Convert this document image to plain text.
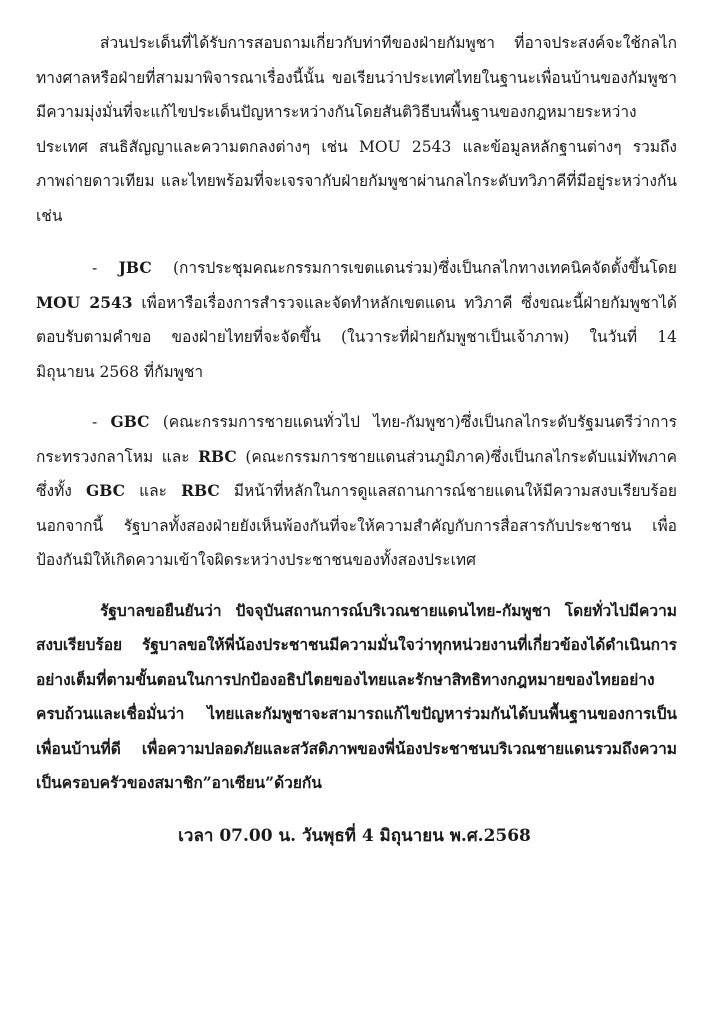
ส่วนประเด็นที่ได้รับการสอบถามเกี่ยวกับท่าทีของฝ่ายกัมพูชา ที่อาจประสงค์จะใช้กลไกทางศาลหรือฝ่ายที่สามมาพิจารณาเรื่องนี้นั้น ขอเรียนว่าประเทศไทยในฐานะเพื่อนบ้านของกัมพูชามีความมุ่งมั่นที่จะแก้ไขประเด็นปัญหาระหว่างกันโดยสันติวิธีบนพื้นฐานของกฎหมายระหว่างประเทศ สนธิสัญญาและความตกลงต่างๆ เช่น MOU 2543 และข้อมูลหลักฐานต่างๆ รวมถึงภาพถ่ายดาวเทียม และไทยพร้อมที่จะเจรจากับฝ่ายกัมพูชาผ่านกลไกระดับทวิภาคีที่มีอยู่ระหว่างกัน เช่น

- JBC (การประชุมคณะกรรมการเขตแดนร่วม)ซึ่งเป็นกลไกทางเทคนิคจัดตั้งขึ้นโดย MOU 2543 เพื่อหารือเรื่องการสำรวจและจัดทำหลักเขตแดน ทวิภาคี ซึ่งขณะนี้ฝ่ายกัมพูชาได้ตอบรับตามคำขอ ของฝ่ายไทยที่จะจัดขึ้น (ในวาระที่ฝ่ายกัมพูชาเป็นเจ้าภาพ) ในวันที่ 14 มิถุนายน 2568 ที่กัมพูชา

- GBC (คณะกรรมการชายแดนทั่วไป ไทย-กัมพูชา)ซึ่งเป็นกลไกระดับรัฐมนตรีว่าการกระทรวงกลาโหม และ RBC (คณะกรรมการชายแดนส่วนภูมิภาค)ซึ่งเป็นกลไกระดับแม่ทัพภาค ซึ่งทั้ง GBC และ RBC มีหน้าที่หลักในการดูแลสถานการณ์ชายแดนให้มีความสงบเรียบร้อย นอกจากนี้ รัฐบาลทั้งสองฝ่ายยังเห็นพ้องกันที่จะให้ความสำคัญกับการสื่อสารกับประชาชน เพื่อป้องกันมิให้เกิดความเข้าใจผิดระหว่างประชาชนของทั้งสองประเทศ

รัฐบาลขอยืนยันว่า ปัจจุบันสถานการณ์บริเวณชายแดนไทย-กัมพูชา โดยทั่วไปมีความสงบเรียบร้อย รัฐบาลขอให้พี่น้องประชาชนมีความมั่นใจว่าทุกหน่วยงานที่เกี่ยวข้องได้ดำเนินการอย่างเต็มที่ตามขั้นตอนในการปกป้องอธิปไตยของไทยและรักษาสิทธิทางกฎหมายของไทยอย่างครบถ้วนและเชื่อมั่นว่า ไทยและกัมพูชาจะสามารถแก้ไขปัญหาร่วมกันได้บนพื้นฐานของการเป็นเพื่อนบ้านที่ดี เพื่อความปลอดภัยและสวัสดิภาพของพี่น้องประชาชนบริเวณชายแดนรวมถึงความเป็นครอบครัวของสมาชิก”อาเซียน”ด้วยกัน

เวลา 07.00 น. วันพุธที่ 4 มิถุนายน พ.ศ.2568
